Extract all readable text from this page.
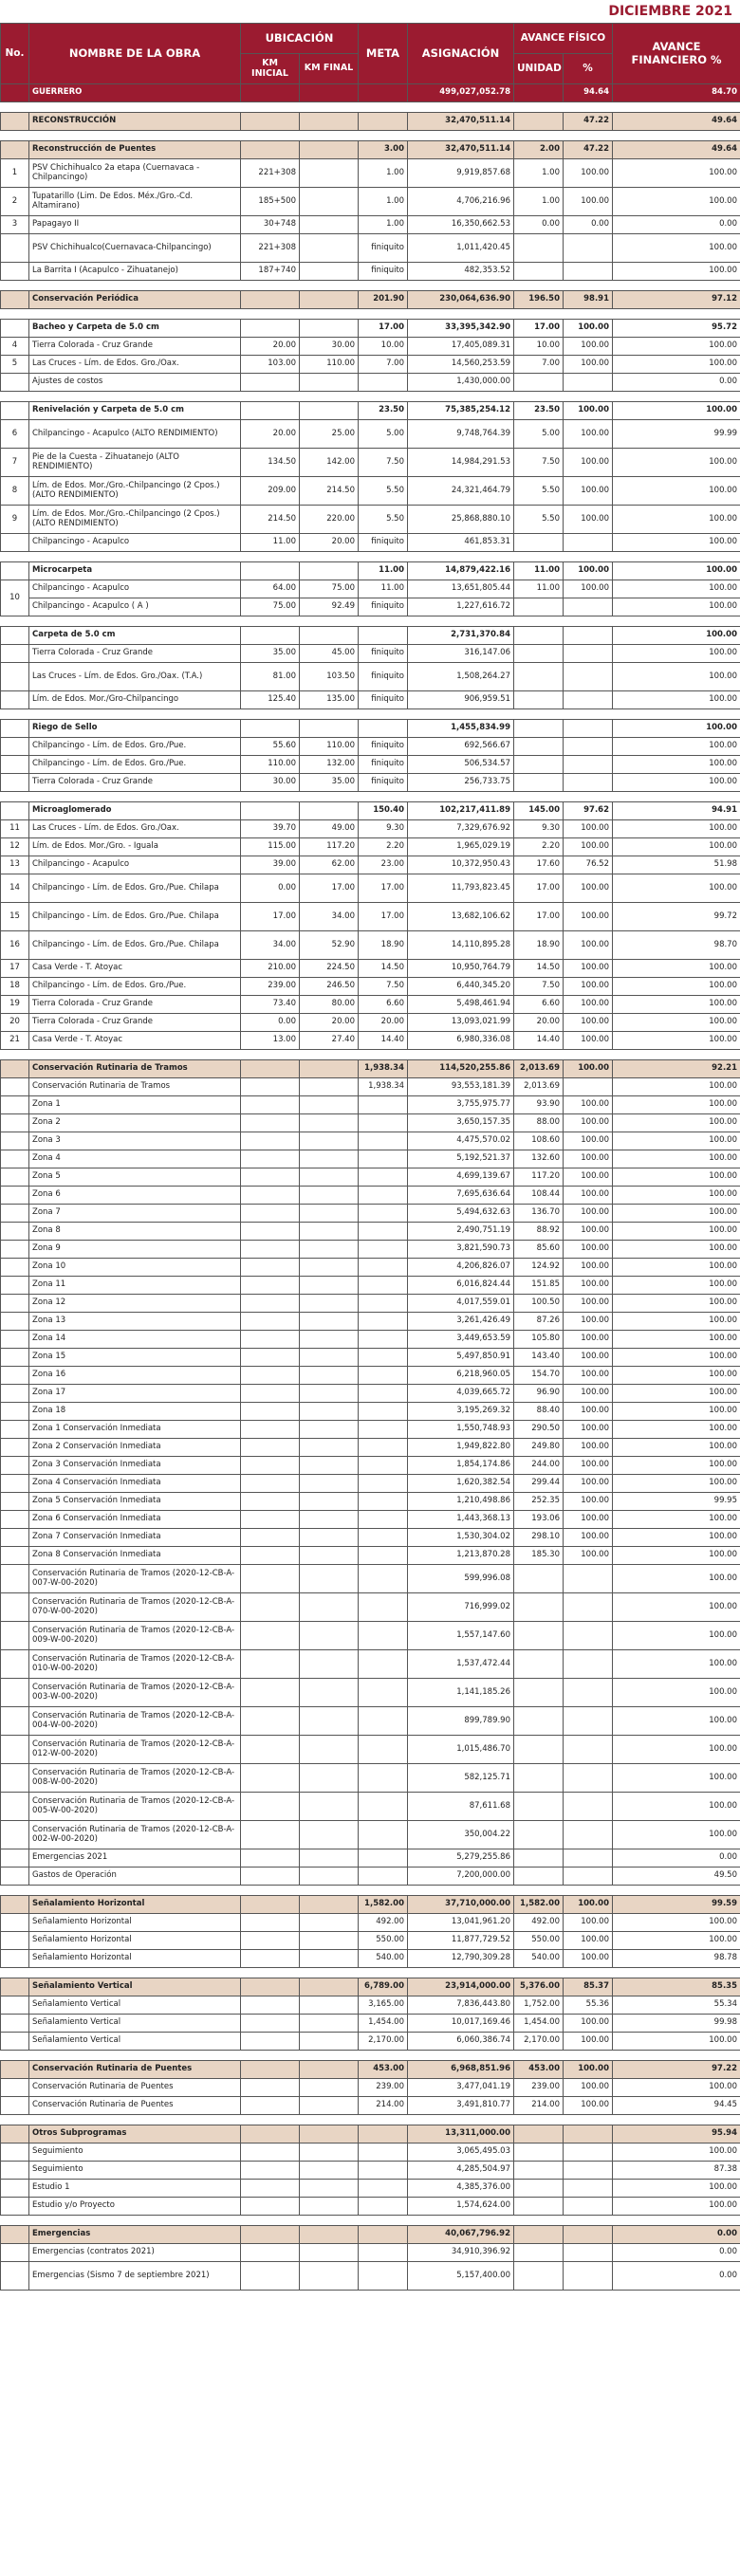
DICIEMBRE 2021
No.	NOMBRE DE LA OBRA	UBICACIÓN		META	ASIGNACIÓN	AVANCE FÍSICO		AVANCE FINANCIERO %
		KM INICIAL	KM FINAL			UNIDAD	%	
	GUERRERO				499,027,052.78		94.64	84.70

	RECONSTRUCCIÓN				32,470,511.14		47.22	49.64

	Reconstrucción de Puentes			3.00	32,470,511.14	2.00	47.22	49.64
1	PSV Chichihualco 2a etapa (Cuernavaca - Chilpancingo)	221+308		1.00	9,919,857.68	1.00	100.00	100.00
2	Tupatarillo (Lim. De Edos. Méx./Gro.-Cd. Altamirano)	185+500		1.00	4,706,216.96	1.00	100.00	100.00
3	Papagayo II	30+748		1.00	16,350,662.53	0.00	0.00	0.00
	PSV Chichihualco(Cuernavaca-Chilpancingo)	221+308		finiquito	1,011,420.45			100.00
	La Barrita I (Acapulco - Zihuatanejo)	187+740		finiquito	482,353.52			100.00

	Conservación Periódica			201.90	230,064,636.90	196.50	98.91	97.12

	Bacheo y Carpeta de 5.0 cm			17.00	33,395,342.90	17.00	100.00	95.72
4	Tierra Colorada - Cruz Grande	20.00	30.00	10.00	17,405,089.31	10.00	100.00	100.00
5	Las Cruces - Lím. de Edos. Gro./Oax.	103.00	110.00	7.00	14,560,253.59	7.00	100.00	100.00
	Ajustes de costos				1,430,000.00			0.00

	Renivelación y Carpeta de 5.0 cm			23.50	75,385,254.12	23.50	100.00	100.00
6	Chilpancingo - Acapulco (ALTO RENDIMIENTO)	20.00	25.00	5.00	9,748,764.39	5.00	100.00	99.99
7	Pie de la Cuesta - Zihuatanejo (ALTO RENDIMIENTO)	134.50	142.00	7.50	14,984,291.53	7.50	100.00	100.00
8	Lím. de Edos. Mor./Gro.-Chilpancingo (2 Cpos.) (ALTO RENDIMIENTO)	209.00	214.50	5.50	24,321,464.79	5.50	100.00	100.00
9	Lím. de Edos. Mor./Gro.-Chilpancingo (2 Cpos.) (ALTO RENDIMIENTO)	214.50	220.00	5.50	25,868,880.10	5.50	100.00	100.00
	Chilpancingo - Acapulco	11.00	20.00	finiquito	461,853.31			100.00

	Microcarpeta			11.00	14,879,422.16	11.00	100.00	100.00
10	Chilpancingo - Acapulco	64.00	75.00	11.00	13,651,805.44	11.00	100.00	100.00
	Chilpancingo - Acapulco ( A )	75.00	92.49	finiquito	1,227,616.72			100.00

	Carpeta de 5.0 cm				2,731,370.84			100.00
	Tierra Colorada - Cruz Grande	35.00	45.00	finiquito	316,147.06			100.00
	Las Cruces - Lím. de Edos. Gro./Oax. (T.A.)	81.00	103.50	finiquito	1,508,264.27			100.00
	Lím. de Edos. Mor./Gro-Chilpancingo	125.40	135.00	finiquito	906,959.51			100.00

	Riego de Sello				1,455,834.99			100.00
	Chilpancingo - Lím. de Edos. Gro./Pue.	55.60	110.00	finiquito	692,566.67			100.00
	Chilpancingo - Lím. de Edos. Gro./Pue.	110.00	132.00	finiquito	506,534.57			100.00
	Tierra Colorada - Cruz Grande	30.00	35.00	finiquito	256,733.75			100.00

	Microaglomerado			150.40	102,217,411.89	145.00	97.62	94.91
11	Las Cruces - Lím. de Edos. Gro./Oax.	39.70	49.00	9.30	7,329,676.92	9.30	100.00	100.00
12	Lím. de Edos. Mor./Gro. - Iguala	115.00	117.20	2.20	1,965,029.19	2.20	100.00	100.00
13	Chilpancingo - Acapulco	39.00	62.00	23.00	10,372,950.43	17.60	76.52	51.98
14	Chilpancingo - Lím. de Edos. Gro./Pue. Chilapa	0.00	17.00	17.00	11,793,823.45	17.00	100.00	100.00
15	Chilpancingo - Lím. de Edos. Gro./Pue. Chilapa	17.00	34.00	17.00	13,682,106.62	17.00	100.00	99.72
16	Chilpancingo - Lím. de Edos. Gro./Pue. Chilapa	34.00	52.90	18.90	14,110,895.28	18.90	100.00	98.70
17	Casa Verde - T. Atoyac	210.00	224.50	14.50	10,950,764.79	14.50	100.00	100.00
18	Chilpancingo - Lím. de Edos. Gro./Pue.	239.00	246.50	7.50	6,440,345.20	7.50	100.00	100.00
19	Tierra Colorada - Cruz Grande	73.40	80.00	6.60	5,498,461.94	6.60	100.00	100.00
20	Tierra Colorada - Cruz Grande	0.00	20.00	20.00	13,093,021.99	20.00	100.00	100.00
21	Casa Verde - T. Atoyac	13.00	27.40	14.40	6,980,336.08	14.40	100.00	100.00

	Conservación Rutinaria de Tramos			1,938.34	114,520,255.86	2,013.69	100.00	92.21
	Conservación Rutinaria de Tramos			1,938.34	93,553,181.39	2,013.69		100.00
	Zona 1				3,755,975.77	93.90	100.00	100.00
	Zona 2				3,650,157.35	88.00	100.00	100.00
	Zona 3				4,475,570.02	108.60	100.00	100.00
	Zona 4				5,192,521.37	132.60	100.00	100.00
	Zona 5				4,699,139.67	117.20	100.00	100.00
	Zona 6				7,695,636.64	108.44	100.00	100.00
	Zona 7				5,494,632.63	136.70	100.00	100.00
	Zona 8				2,490,751.19	88.92	100.00	100.00
	Zona 9				3,821,590.73	85.60	100.00	100.00
	Zona 10				4,206,826.07	124.92	100.00	100.00
	Zona 11				6,016,824.44	151.85	100.00	100.00
	Zona 12				4,017,559.01	100.50	100.00	100.00
	Zona 13				3,261,426.49	87.26	100.00	100.00
	Zona 14				3,449,653.59	105.80	100.00	100.00
	Zona 15				5,497,850.91	143.40	100.00	100.00
	Zona 16				6,218,960.05	154.70	100.00	100.00
	Zona 17				4,039,665.72	96.90	100.00	100.00
	Zona 18				3,195,269.32	88.40	100.00	100.00
	Zona 1 Conservación Inmediata				1,550,748.93	290.50	100.00	100.00
	Zona 2 Conservación Inmediata				1,949,822.80	249.80	100.00	100.00
	Zona 3 Conservación Inmediata				1,854,174.86	244.00	100.00	100.00
	Zona 4 Conservación Inmediata				1,620,382.54	299.44	100.00	100.00
	Zona 5 Conservación Inmediata				1,210,498.86	252.35	100.00	99.95
	Zona 6 Conservación Inmediata				1,443,368.13	193.06	100.00	100.00
	Zona 7 Conservación Inmediata				1,530,304.02	298.10	100.00	100.00
	Zona 8 Conservación Inmediata				1,213,870.28	185.30	100.00	100.00
	Conservación Rutinaria de Tramos (2020-12-CB-A-007-W-00-2020)				599,996.08			100.00
	Conservación Rutinaria de Tramos (2020-12-CB-A-070-W-00-2020)				716,999.02			100.00
	Conservación Rutinaria de Tramos (2020-12-CB-A-009-W-00-2020)				1,557,147.60			100.00
	Conservación Rutinaria de Tramos (2020-12-CB-A-010-W-00-2020)				1,537,472.44			100.00
	Conservación Rutinaria de Tramos (2020-12-CB-A-003-W-00-2020)				1,141,185.26			100.00
	Conservación Rutinaria de Tramos (2020-12-CB-A-004-W-00-2020)				899,789.90			100.00
	Conservación Rutinaria de Tramos (2020-12-CB-A-012-W-00-2020)				1,015,486.70			100.00
	Conservación Rutinaria de Tramos (2020-12-CB-A-008-W-00-2020)				582,125.71			100.00
	Conservación Rutinaria de Tramos (2020-12-CB-A-005-W-00-2020)				87,611.68			100.00
	Conservación Rutinaria de Tramos (2020-12-CB-A-002-W-00-2020)				350,004.22			100.00
	Emergencias 2021				5,279,255.86			0.00
	Gastos de Operación				7,200,000.00			49.50

	Señalamiento Horizontal			1,582.00	37,710,000.00	1,582.00	100.00	99.59
	Señalamiento Horizontal			492.00	13,041,961.20	492.00	100.00	100.00
	Señalamiento Horizontal			550.00	11,877,729.52	550.00	100.00	100.00
	Señalamiento Horizontal			540.00	12,790,309.28	540.00	100.00	98.78

	Señalamiento Vertical			6,789.00	23,914,000.00	5,376.00	85.37	85.35
	Señalamiento Vertical			3,165.00	7,836,443.80	1,752.00	55.36	55.34
	Señalamiento Vertical			1,454.00	10,017,169.46	1,454.00	100.00	99.98
	Señalamiento Vertical			2,170.00	6,060,386.74	2,170.00	100.00	100.00

	Conservación Rutinaria de Puentes			453.00	6,968,851.96	453.00	100.00	97.22
	Conservación Rutinaria de Puentes			239.00	3,477,041.19	239.00	100.00	100.00
	Conservación Rutinaria de Puentes			214.00	3,491,810.77	214.00	100.00	94.45

	Otros Subprogramas				13,311,000.00			95.94
	Seguimiento				3,065,495.03			100.00
	Seguimiento				4,285,504.97			87.38
	Estudio 1				4,385,376.00			100.00
	Estudio y/o Proyecto				1,574,624.00			100.00

	Emergencias				40,067,796.92			0.00
	Emergencias (contratos 2021)				34,910,396.92			0.00
	Emergencias (Sismo 7 de septiembre 2021)				5,157,400.00			0.00
